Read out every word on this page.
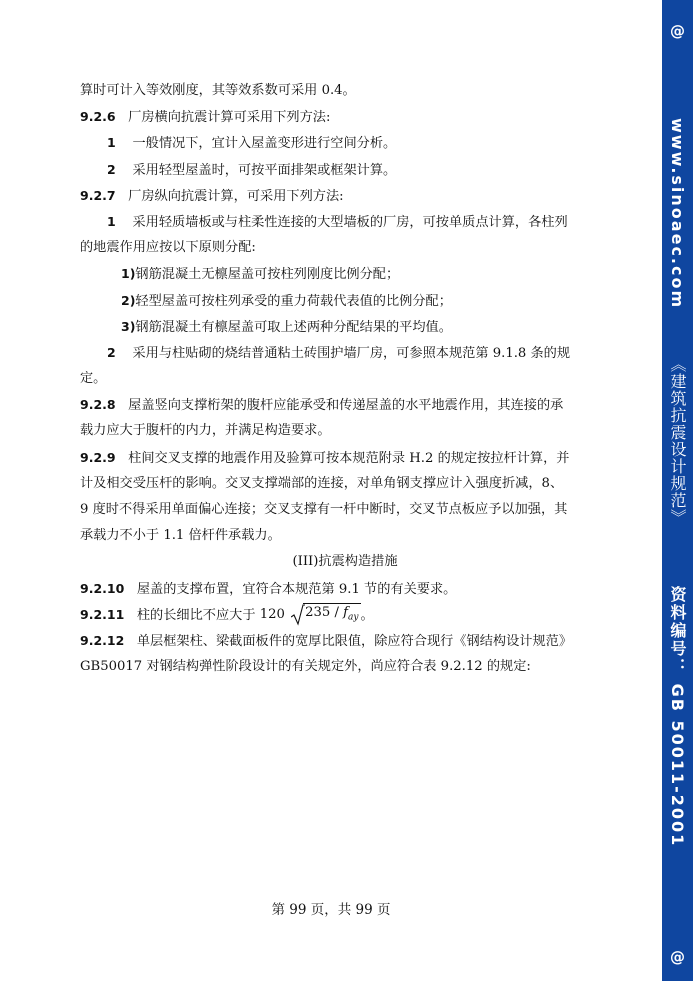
@
www.sinoaec.com
《建筑抗震设计规范》
资料编号： GB 50011-2001
@
算时可计入等效刚度，其等效系数可采用 0.4。
9.2.6 厂房横向抗震计算可采用下列方法:
1 一般情况下，宜计入屋盖变形进行空间分析。
2 采用轻型屋盖时，可按平面排架或框架计算。
9.2.7 厂房纵向抗震计算，可采用下列方法:
1 采用轻质墙板或与柱柔性连接的大型墙板的厂房，可按单质点计算，各柱列
的地震作用应按以下原则分配:
1)钢筋混凝土无檩屋盖可按柱列刚度比例分配；
2)轻型屋盖可按柱列承受的重力荷载代表值的比例分配；
3)钢筋混凝土有檩屋盖可取上述两种分配结果的平均值。
2 采用与柱贴砌的烧结普通粘土砖围护墙厂房，可参照本规范第 9.1.8 条的规
定。
9.2.8 屋盖竖向支撑桁架的腹杆应能承受和传递屋盖的水平地震作用，其连接的承
载力应大于腹杆的内力，并满足构造要求。
9.2.9 柱间交叉支撑的地震作用及验算可按本规范附录 H.2 的规定按拉杆计算，并
计及相交受压杆的影响。交叉支撑端部的连接，对单角钢支撑应计入强度折减，8、
9 度时不得采用单面偏心连接；交叉支撑有一杆中断时，交叉节点板应予以加强，其
承载力不小于 1.1 倍杆件承载力。
(III)抗震构造措施
9.2.10 屋盖的支撑布置，宜符合本规范第 9.1 节的有关要求。
9.2.11 柱的长细比不应大于 120 $235 / f_{ay}$ 。
9.2.12 单层框架柱、梁截面板件的宽厚比限值，除应符合现行《钢结构设计规范》
GB50017 对钢结构弹性阶段设计的有关规定外，尚应符合表 9.2.12 的规定:
第 99 页，共 99 页
